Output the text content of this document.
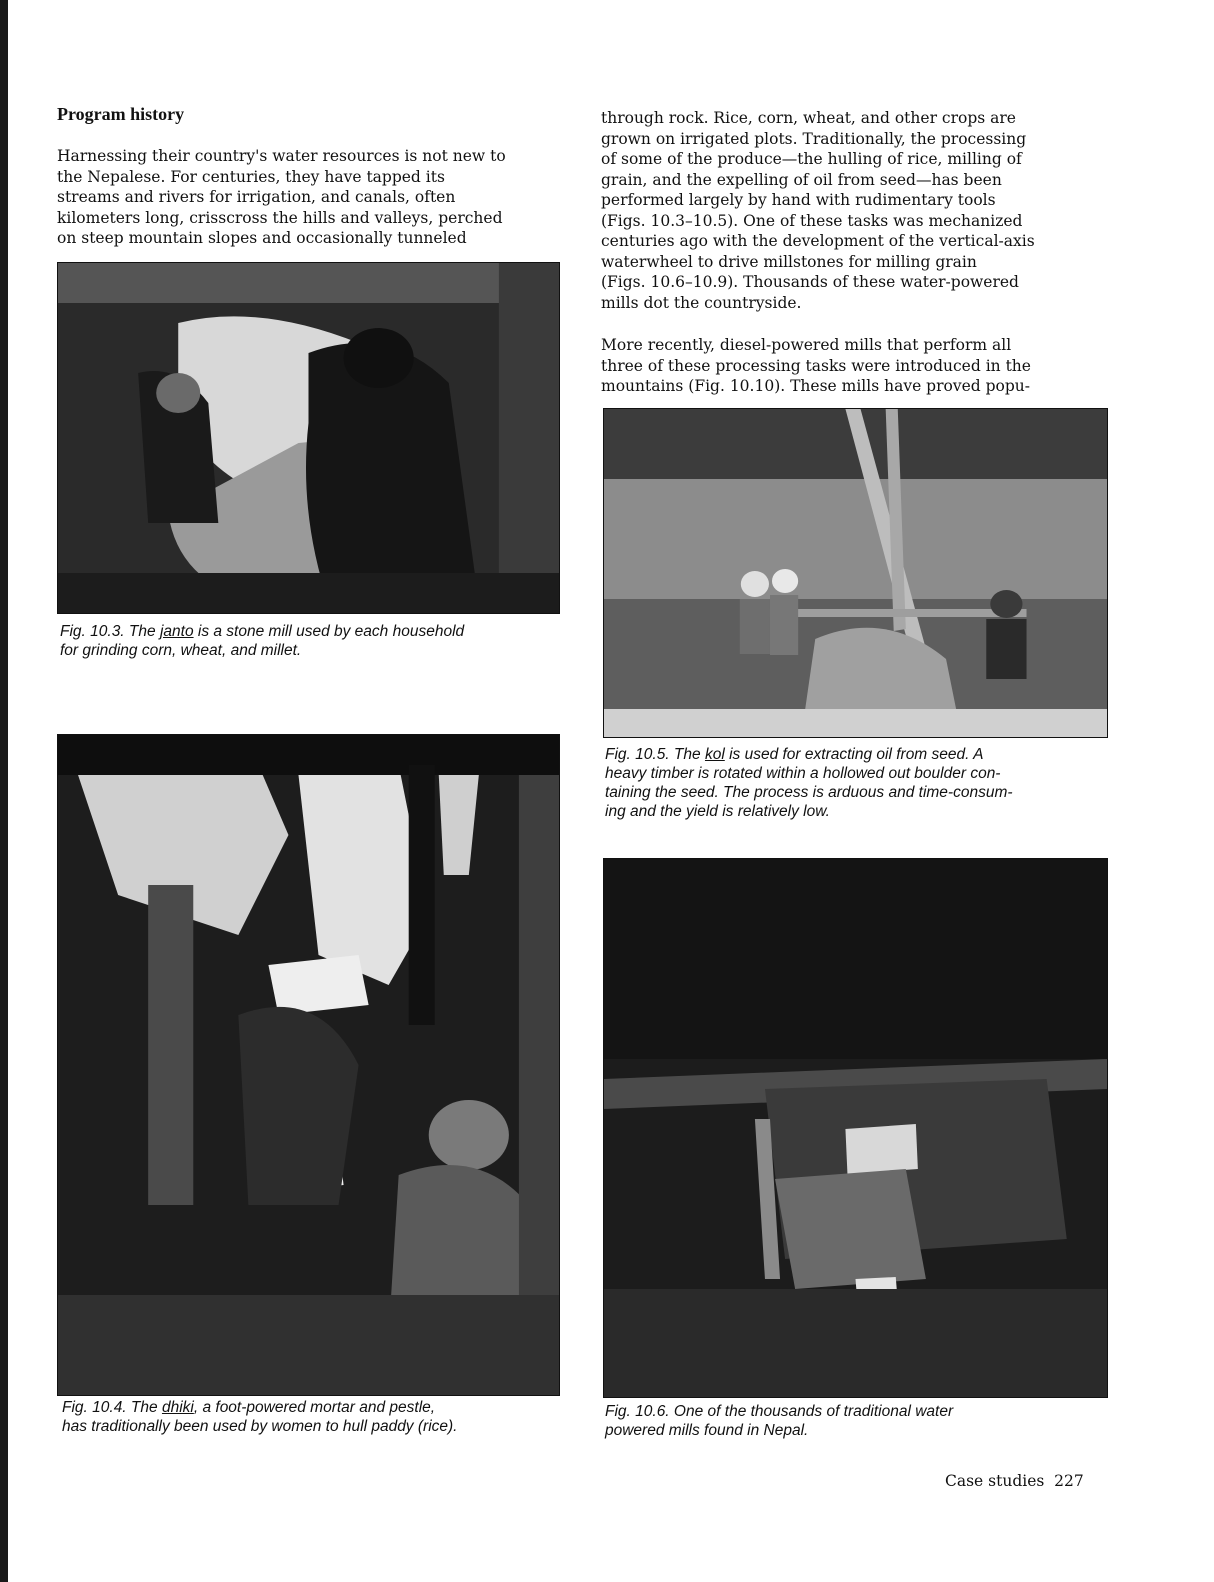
Program history
Harnessing their country's water resources is not new to
the Nepalese. For centuries, they have tapped its
streams and rivers for irrigation, and canals, often
kilometers long, crisscross the hills and valleys, perched
on steep mountain slopes and occasionally tunneled
through rock. Rice, corn, wheat, and other crops are
grown on irrigated plots. Traditionally, the processing
of some of the produce—the hulling of rice, milling of
grain, and the expelling of oil from seed—has been
performed largely by hand with rudimentary tools
(Figs. 10.3–10.5). One of these tasks was mechanized
centuries ago with the development of the vertical-axis
waterwheel to drive millstones for milling grain
(Figs. 10.6–10.9). Thousands of these water-powered
mills dot the countryside.
More recently, diesel-powered mills that perform all
three of these processing tasks were introduced in the
mountains (Fig. 10.10). These mills have proved popu-
Fig. 10.3. The janto is a stone mill used by each household
for grinding corn, wheat, and millet.
Fig. 10.4. The dhiki, a foot-powered mortar and pestle,
has traditionally been used by women to hull paddy (rice).
Fig. 10.5. The kol is used for extracting oil from seed. A
heavy timber is rotated within a hollowed out boulder con-
taining the seed. The process is arduous and time-consum-
ing and the yield is relatively low.
Fig. 10.6. One of the thousands of traditional water
powered mills found in Nepal.
Case studies  227
